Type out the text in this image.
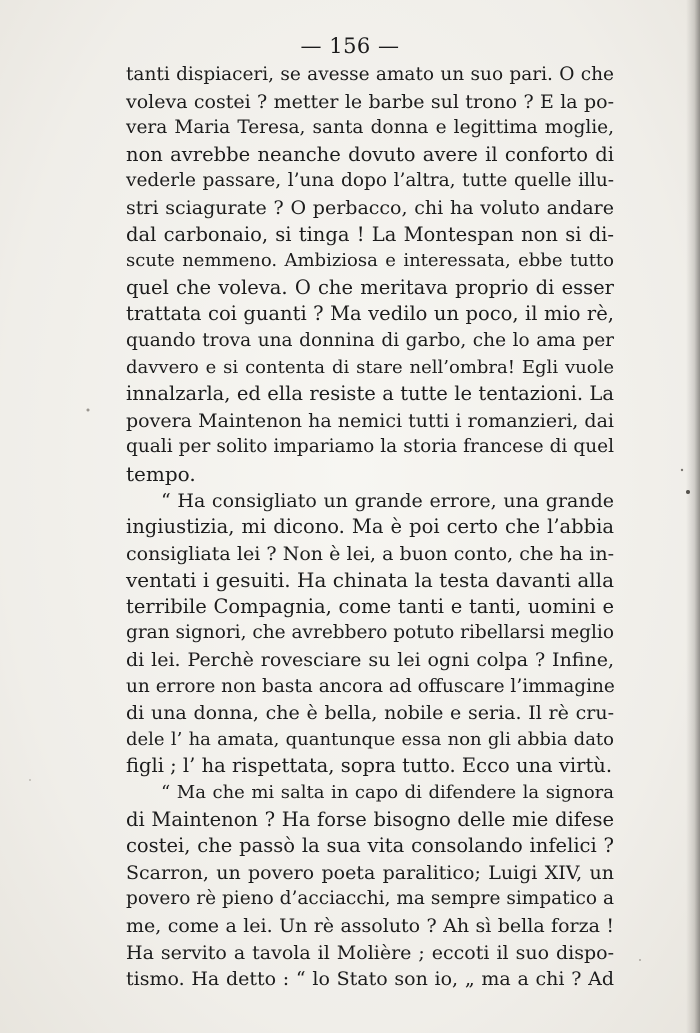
— 156 —
tanti dispiaceri, se avesse amato un suo pari. O che
voleva costei ? metter le barbe sul trono ? E la po-
vera Maria Teresa, santa donna e legittima moglie,
non avrebbe neanche dovuto avere il conforto di
vederle passare, l’una dopo l’altra, tutte quelle illu-
stri sciagurate ? O perbacco, chi ha voluto andare
dal carbonaio, si tinga ! La Montespan non si di-
scute nemmeno. Ambiziosa e interessata, ebbe tutto
quel che voleva. O che meritava proprio di esser
trattata coi guanti ? Ma vedilo un poco, il mio rè,
quando trova una donnina di garbo, che lo ama per
davvero e si contenta di stare nell’ombra! Egli vuole
innalzarla, ed ella resiste a tutte le tentazioni. La
povera Maintenon ha nemici tutti i romanzieri, dai
quali per solito impariamo la storia francese di quel
tempo.
“ Ha consigliato un grande errore, una grande
ingiustizia, mi dicono. Ma è poi certo che l’abbia
consigliata lei ? Non è lei, a buon conto, che ha in-
ventati i gesuiti. Ha chinata la testa davanti alla
terribile Compagnia, come tanti e tanti, uomini e
gran signori, che avrebbero potuto ribellarsi meglio
di lei. Perchè rovesciare su lei ogni colpa ? Infine,
un errore non basta ancora ad offuscare l’immagine
di una donna, che è bella, nobile e seria. Il rè cru-
dele l’ ha amata, quantunque essa non gli abbia dato
figli ; l’ ha rispettata, sopra tutto. Ecco una virtù.
“ Ma che mi salta in capo di difendere la signora
di Maintenon ? Ha forse bisogno delle mie difese
costei, che passò la sua vita consolando infelici ?
Scarron, un povero poeta paralitico; Luigi XIV, un
povero rè pieno d’acciacchi, ma sempre simpatico a
me, come a lei. Un rè assoluto ? Ah sì bella forza !
Ha servito a tavola il Molière ; eccoti il suo dispo-
tismo. Ha detto : “ lo Stato son io, „ ma a chi ? Ad
